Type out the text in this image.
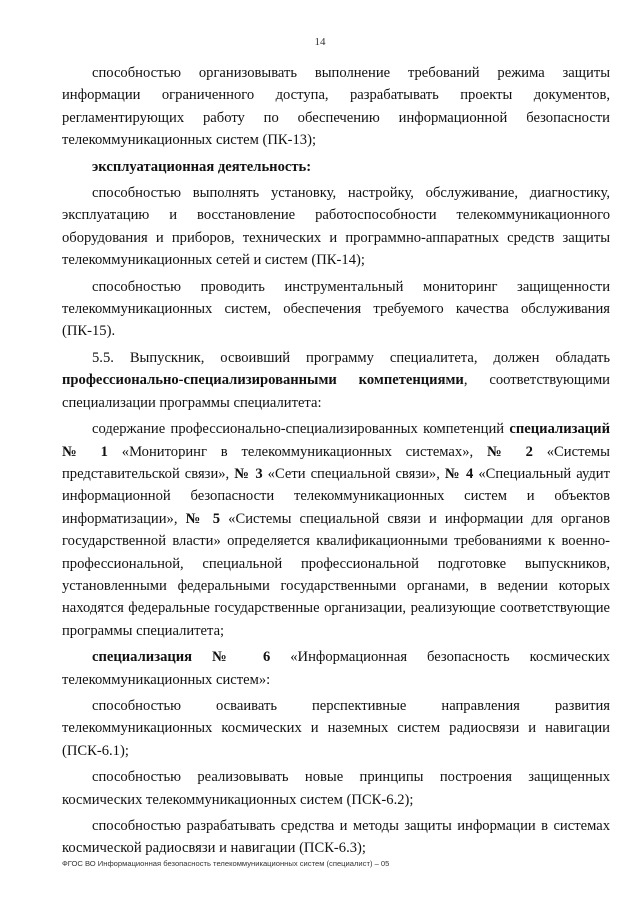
14

способностью организовывать выполнение требований режима защиты информации ограниченного доступа, разрабатывать проекты документов, регламентирующих работу по обеспечению информационной безопасности телекоммуникационных систем (ПК-13);

эксплуатационная деятельность:

способностью выполнять установку, настройку, обслуживание, диагностику, эксплуатацию и восстановление работоспособности телекоммуникационного оборудования и приборов, технических и программно-аппаратных средств защиты телекоммуникационных сетей и систем (ПК-14);

способностью проводить инструментальный мониторинг защищенности телекоммуникационных систем, обеспечения требуемого качества обслуживания (ПК-15).

5.5. Выпускник, освоивший программу специалитета, должен обладать профессионально-специализированными компетенциями, соответствующими специализации программы специалитета:

содержание профессионально-специализированных компетенций специализаций № 1 «Мониторинг в телекоммуникационных системах», № 2 «Системы представительской связи», № 3 «Сети специальной связи», № 4 «Специальный аудит информационной безопасности телекоммуникационных систем и объектов информатизации», № 5 «Системы специальной связи и информации для органов государственной власти» определяется квалификационными требованиями к военно-профессиональной, специальной профессиональной подготовке выпускников, установленными федеральными государственными органами, в ведении которых находятся федеральные государственные организации, реализующие соответствующие программы специалитета;

специализация № 6 «Информационная безопасность космических телекоммуникационных систем»:

способностью осваивать перспективные направления развития телекоммуникационных космических и наземных систем радиосвязи и навигации (ПСК-6.1);

способностью реализовывать новые принципы построения защищенных космических телекоммуникационных систем (ПСК-6.2);

способностью разрабатывать средства и методы защиты информации в системах космической радиосвязи и навигации (ПСК-6.3);

ФГОС ВО Информационная безопасность телекоммуникационных систем (специалист) – 05
